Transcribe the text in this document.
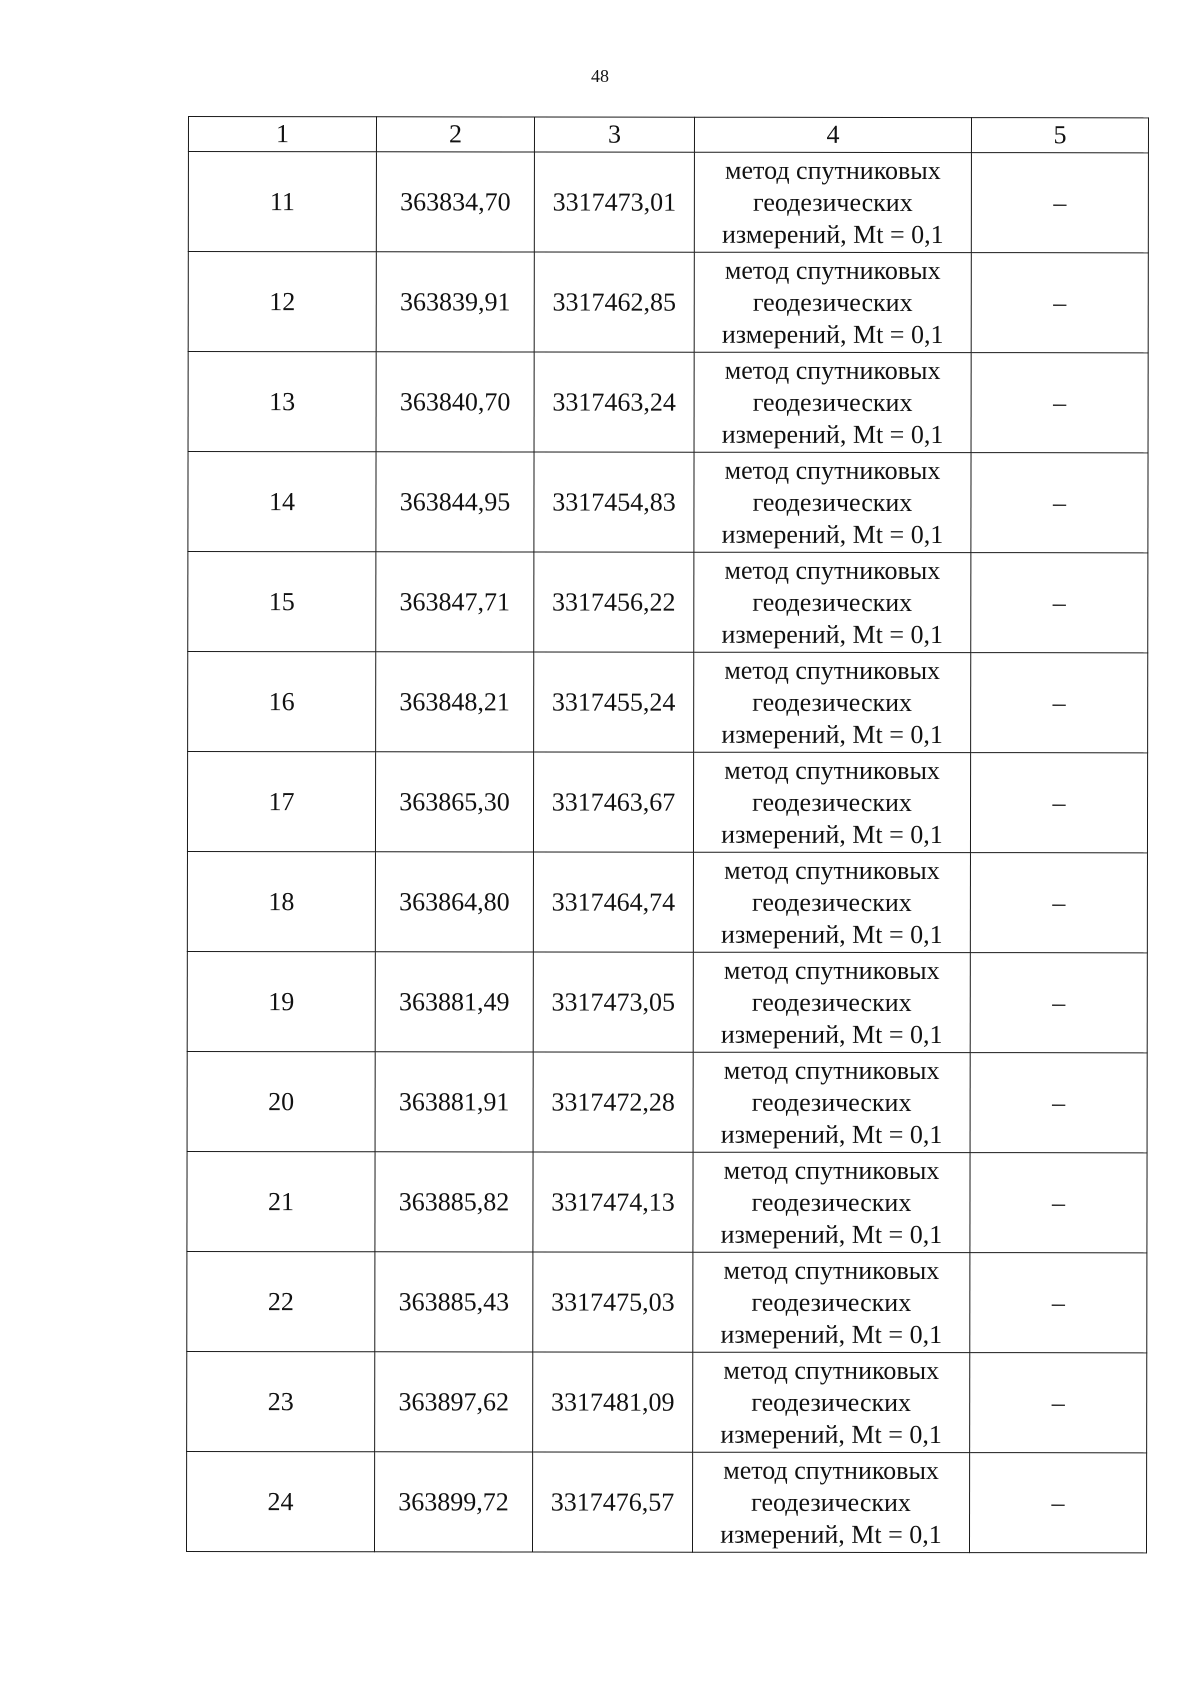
48
1	2	3	4	5
11	363834,70	3317473,01	метод спутниковых
геодезических
измерений, Mt = 0,1	–
12	363839,91	3317462,85	метод спутниковых
геодезических
измерений, Mt = 0,1	–
13	363840,70	3317463,24	метод спутниковых
геодезических
измерений, Mt = 0,1	–
14	363844,95	3317454,83	метод спутниковых
геодезических
измерений, Mt = 0,1	–
15	363847,71	3317456,22	метод спутниковых
геодезических
измерений, Mt = 0,1	–
16	363848,21	3317455,24	метод спутниковых
геодезических
измерений, Mt = 0,1	–
17	363865,30	3317463,67	метод спутниковых
геодезических
измерений, Mt = 0,1	–
18	363864,80	3317464,74	метод спутниковых
геодезических
измерений, Mt = 0,1	–
19	363881,49	3317473,05	метод спутниковых
геодезических
измерений, Mt = 0,1	–
20	363881,91	3317472,28	метод спутниковых
геодезических
измерений, Mt = 0,1	–
21	363885,82	3317474,13	метод спутниковых
геодезических
измерений, Mt = 0,1	–
22	363885,43	3317475,03	метод спутниковых
геодезических
измерений, Mt = 0,1	–
23	363897,62	3317481,09	метод спутниковых
геодезических
измерений, Mt = 0,1	–
24	363899,72	3317476,57	метод спутниковых
геодезических
измерений, Mt = 0,1	–
